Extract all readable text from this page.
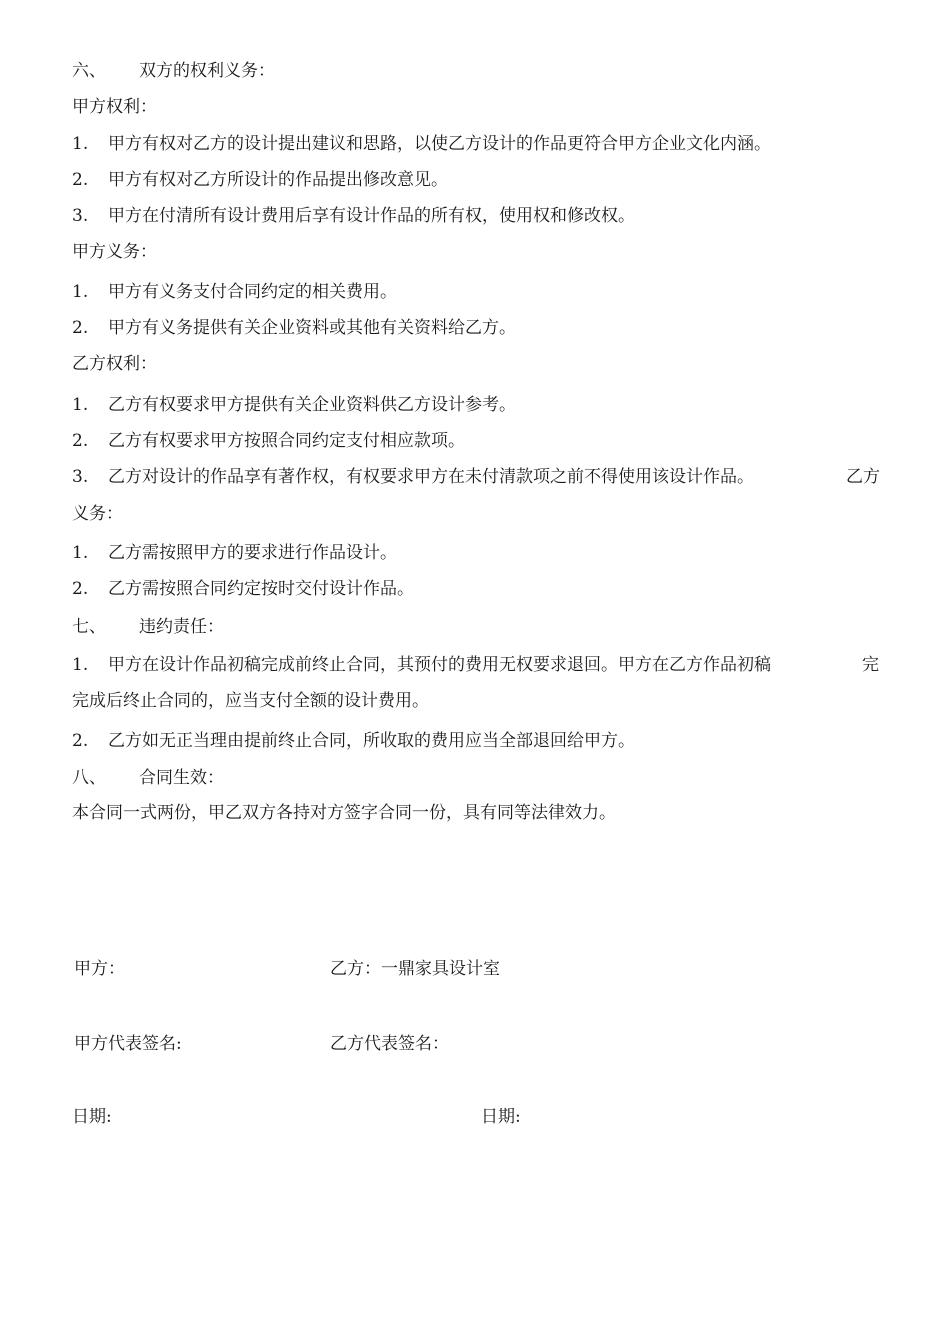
六、 双方的权利义务：
甲方权利：
1. 甲方有权对乙方的设计提出建议和思路，以使乙方设计的作品更符合甲方企业文化内涵。
2. 甲方有权对乙方所设计的作品提出修改意见。
3. 甲方在付清所有设计费用后享有设计作品的所有权，使用权和修改权。
甲方义务：
1. 甲方有义务支付合同约定的相关费用。
2. 甲方有义务提供有关企业资料或其他有关资料给乙方。
乙方权利：
1. 乙方有权要求甲方提供有关企业资料供乙方设计参考。
2. 乙方有权要求甲方按照合同约定支付相应款项。
3. 乙方对设计的作品享有著作权，有权要求甲方在未付清款项之前不得使用该设计作品。	乙方
义务：
1. 乙方需按照甲方的要求进行作品设计。
2. 乙方需按照合同约定按时交付设计作品。
七、 违约责任：
1. 甲方在设计作品初稿完成前终止合同，其预付的费用无权要求退回。甲方在乙方作品初稿	完
完成后终止合同的，应当支付全额的设计费用。
2. 乙方如无正当理由提前终止合同，所收取的费用应当全部退回给甲方。
八、 合同生效：
本合同一式两份，甲乙双方各持对方签字合同一份，具有同等法律效力。
甲方：	乙方：一鼎家具设计室
甲方代表签名:	乙方代表签名：
日期:	日期:
